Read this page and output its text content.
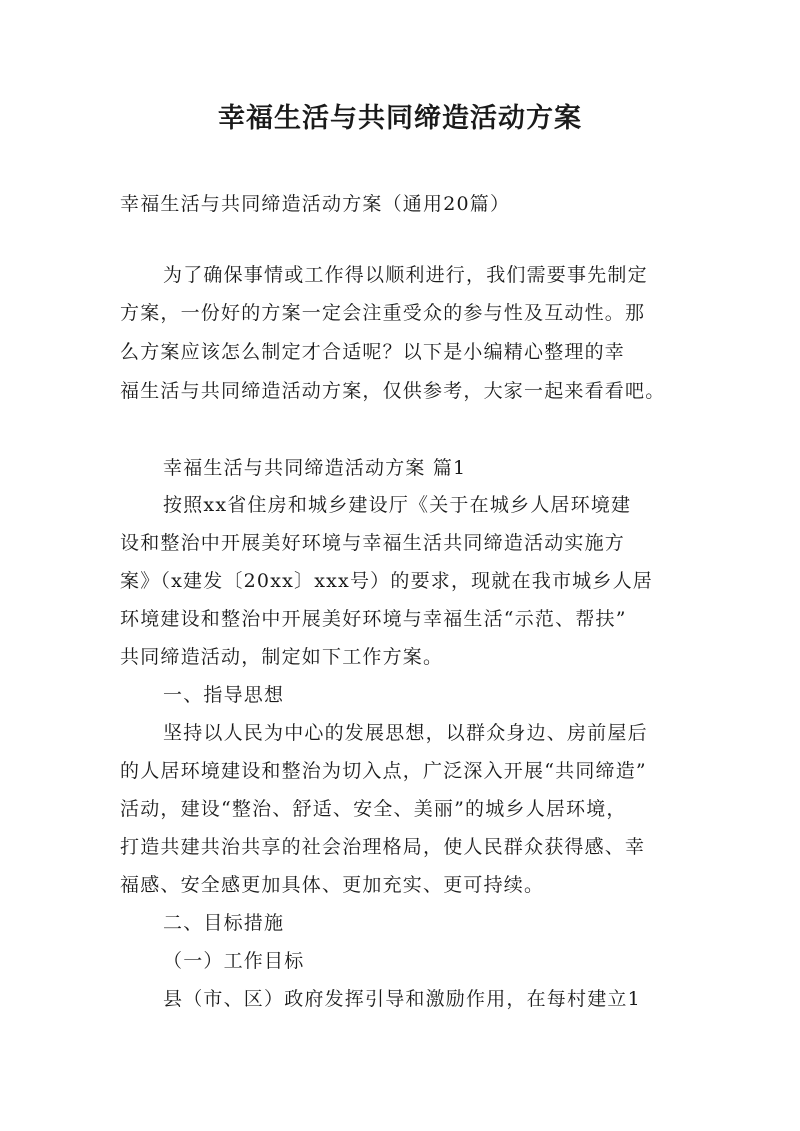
幸福生活与共同缔造活动方案
幸福生活与共同缔造活动方案（通用20篇）
为了确保事情或工作得以顺利进行，我们需要事先制定
方案，一份好的方案一定会注重受众的参与性及互动性。那
么方案应该怎么制定才合适呢？以下是小编精心整理的幸
福生活与共同缔造活动方案，仅供参考，大家一起来看看吧。
幸福生活与共同缔造活动方案 篇1
按照xx省住房和城乡建设厅《关于在城乡人居环境建
设和整治中开展美好环境与幸福生活共同缔造活动实施方
案》（x建发〔20xx〕xxx号）的要求，现就在我市城乡人居
环境建设和整治中开展美好环境与幸福生活“示范、帮扶”
共同缔造活动，制定如下工作方案。
一、指导思想
坚持以人民为中心的发展思想，以群众身边、房前屋后
的人居环境建设和整治为切入点，广泛深入开展“共同缔造”
活动，建设“整治、舒适、安全、美丽”的城乡人居环境，
打造共建共治共享的社会治理格局，使人民群众获得感、幸
福感、安全感更加具体、更加充实、更可持续。
二、目标措施
（一）工作目标
县（市、区）政府发挥引导和激励作用，在每村建立1
